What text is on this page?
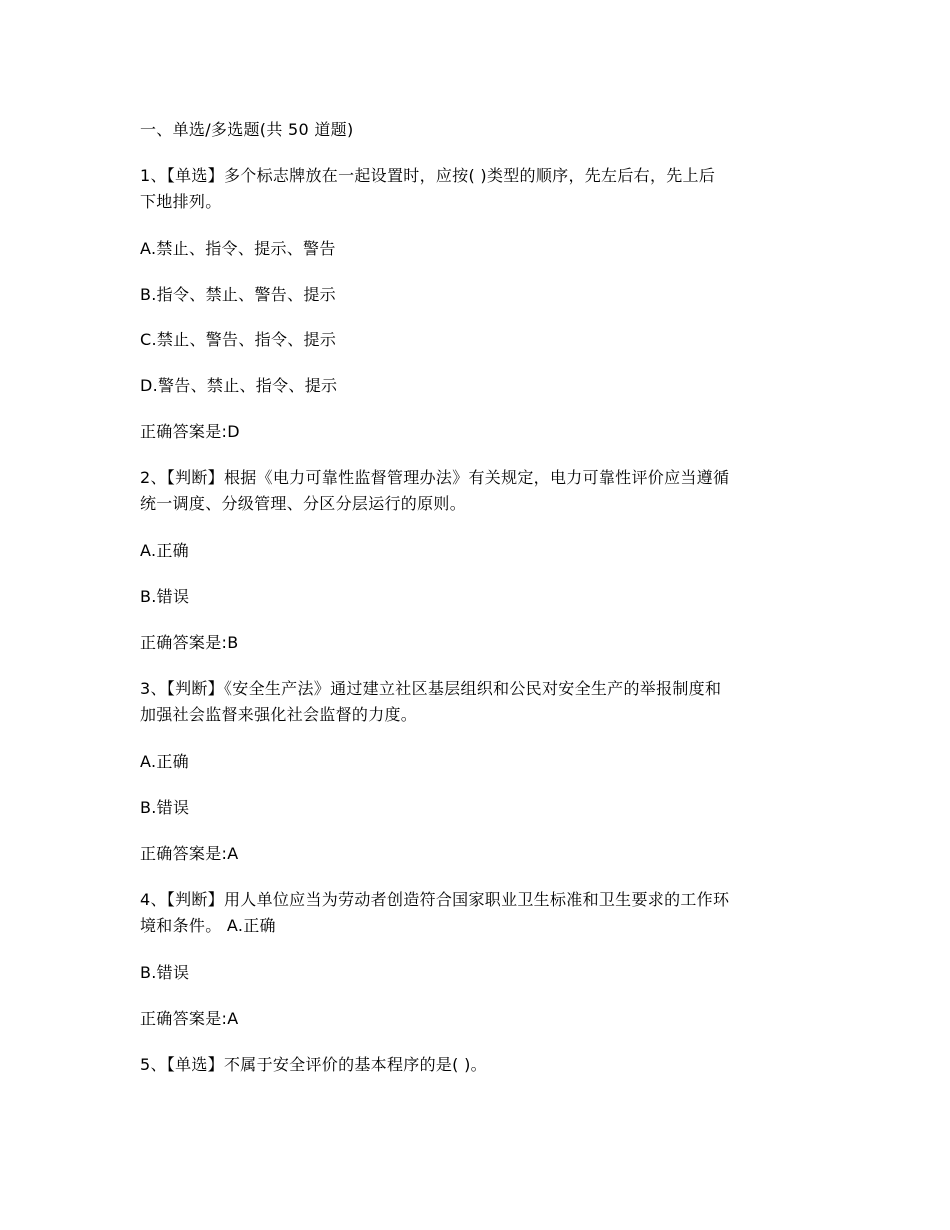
一、单选/多选题(共 50 道题)
1、【单选】多个标志牌放在一起设置时，应按( )类型的顺序，先左后右，先上后
下地排列。
A.禁止、指令、提示、警告
B.指令、禁止、警告、提示
C.禁止、警告、指令、提示
D.警告、禁止、指令、提示
正确答案是:D
2、【判断】根据《电力可靠性监督管理办法》有关规定，电力可靠性评价应当遵循
统一调度、分级管理、分区分层运行的原则。
A.正确
B.错误
正确答案是:B
3、【判断】《安全生产法》通过建立社区基层组织和公民对安全生产的举报制度和
加强社会监督来强化社会监督的力度。
A.正确
B.错误
正确答案是:A
4、【判断】用人单位应当为劳动者创造符合国家职业卫生标准和卫生要求的工作环
境和条件。 A.正确
B.错误
正确答案是:A
5、【单选】不属于安全评价的基本程序的是( )。
